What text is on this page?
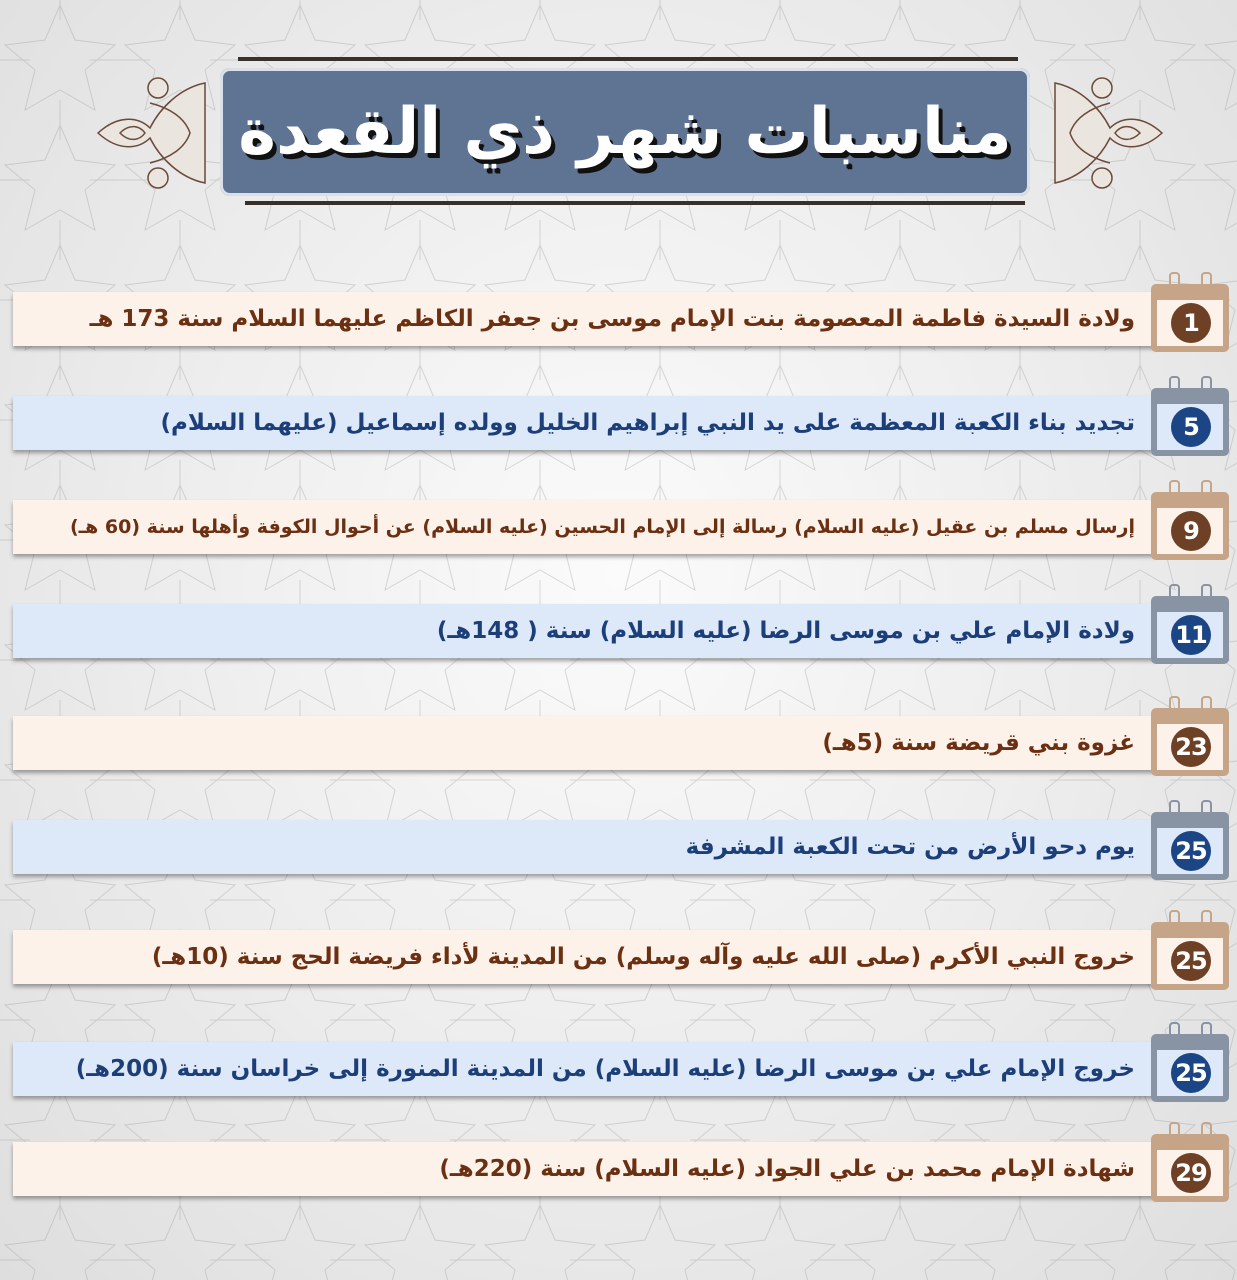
مناسبات شهر ذي القعدة
ولادة السيدة فاطمة المعصومة بنت الإمام موسى بن جعفر الكاظم عليهما السلام سنة 173 هـ	1
تجديد بناء الكعبة المعظمة على يد النبي إبراهيم الخليل وولده إسماعيل (عليهما السلام)	5
إرسال مسلم بن عقيل (عليه السلام) رسالة إلى الإمام الحسين (عليه السلام) عن أحوال الكوفة وأهلها سنة (60 هـ)	9
ولادة الإمام علي بن موسى الرضا (عليه السلام) سنة ( 148هـ) 11
غزوة بني قريضة سنة (5هـ) 23
يوم دحو الأرض من تحت الكعبة المشرفة 25
خروج النبي الأكرم (صلى الله عليه وآله وسلم) من المدينة لأداء فريضة الحج سنة (10هـ) 25
خروج الإمام علي بن موسى الرضا (عليه السلام) من المدينة المنورة إلى خراسان سنة (200هـ) 25
شهادة الإمام محمد بن علي الجواد (عليه السلام) سنة (220هـ) 29
